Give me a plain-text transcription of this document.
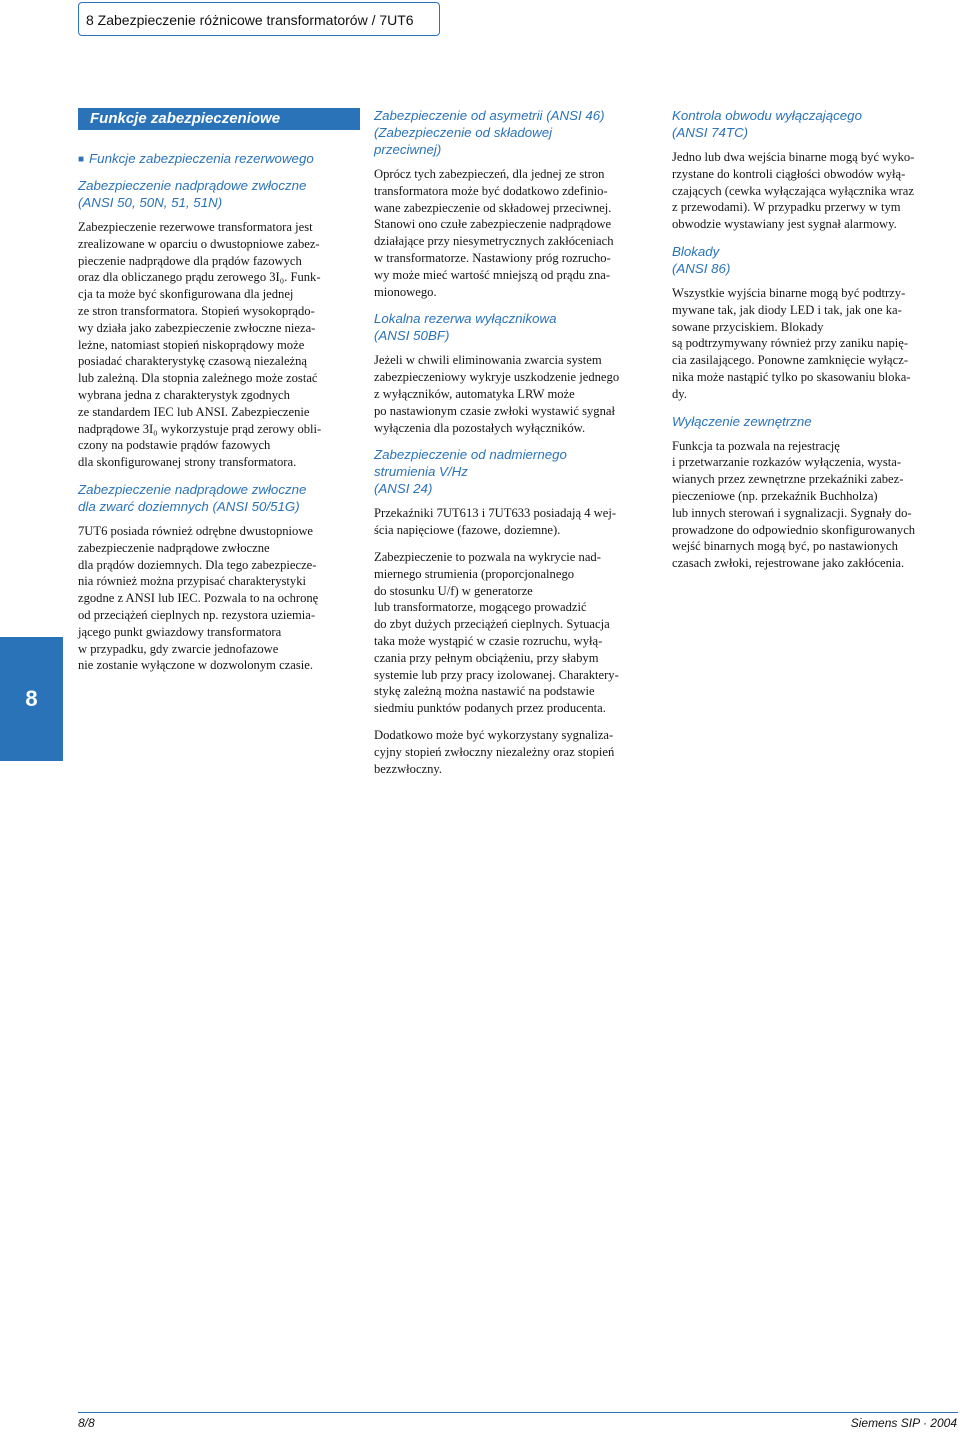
8 Zabezpieczenie różnicowe transformatorów / 7UT6
Funkcje zabezpieczeniowe
8
■ Funkcje zabezpieczenia rezerwowego
Zabezpieczenie nadprądowe zwłoczne
(ANSI 50, 50N, 51, 51N)
Zabezpieczenie rezerwowe transformatora jest
zrealizowane w oparciu o dwustopniowe zabez-
pieczenie nadprądowe dla prądów fazowych
oraz dla obliczanego prądu zerowego 3I₀. Funk-
cja ta może być skonfigurowana dla jednej
ze stron transformatora. Stopień wysokoprądo-
wy działa jako zabezpieczenie zwłoczne nieza-
leżne, natomiast stopień niskoprądowy może
posiadać charakterystykę czasową niezależną
lub zależną. Dla stopnia zależnego może zostać
wybrana jedna z charakterystyk zgodnych
ze standardem IEC lub ANSI. Zabezpieczenie
nadprądowe 3I₀ wykorzystuje prąd zerowy obli-
czony na podstawie prądów fazowych
dla skonfigurowanej strony transformatora.
Zabezpieczenie nadprądowe zwłoczne
dla zwarć doziemnych (ANSI 50/51G)
7UT6 posiada również odrębne dwustopniowe
zabezpieczenie nadprądowe zwłoczne
dla prądów doziemnych. Dla tego zabezpiecze-
nia również można przypisać charakterystyki
zgodne z ANSI lub IEC. Pozwala to na ochronę
od przeciążeń cieplnych np. rezystora uziemia-
jącego punkt gwiazdowy transformatora
w przypadku, gdy zwarcie jednofazowe
nie zostanie wyłączone w dozwolonym czasie.
Zabezpieczenie od asymetrii (ANSI 46)
(Zabezpieczenie od składowej
przeciwnej)
Oprócz tych zabezpieczeń, dla jednej ze stron
transformatora może być dodatkowo zdefinio-
wane zabezpieczenie od składowej przeciwnej.
Stanowi ono czułe zabezpieczenie nadprądowe
działające przy niesymetrycznych zakłóceniach
w transformatorze. Nastawiony próg rozrucho-
wy może mieć wartość mniejszą od prądu zna-
mionowego.
Lokalna rezerwa wyłącznikowa
(ANSI 50BF)
Jeżeli w chwili eliminowania zwarcia system
zabezpieczeniowy wykryje uszkodzenie jednego
z wyłączników, automatyka LRW może
po nastawionym czasie zwłoki wystawić sygnał
wyłączenia dla pozostałych wyłączników.
Zabezpieczenie od nadmiernego
strumienia V/Hz
(ANSI 24)
Przekaźniki 7UT613 i 7UT633 posiadają 4 wej-
ścia napięciowe (fazowe, doziemne).
Zabezpieczenie to pozwala na wykrycie nad-
miernego strumienia (proporcjonalnego
do stosunku U/f) w generatorze
lub transformatorze, mogącego prowadzić
do zbyt dużych przeciążeń cieplnych. Sytuacja
taka może wystąpić w czasie rozruchu, wyłą-
czania przy pełnym obciążeniu, przy słabym
systemie lub przy pracy izolowanej. Charaktery-
stykę zależną można nastawić na podstawie
siedmiu punktów podanych przez producenta.
Dodatkowo może być wykorzystany sygnaliza-
cyjny stopień zwłoczny niezależny oraz stopień
bezzwłoczny.
Kontrola obwodu wyłączającego
(ANSI 74TC)
Jedno lub dwa wejścia binarne mogą być wyko-
rzystane do kontroli ciągłości obwodów wyłą-
czających (cewka wyłączająca wyłącznika wraz
z przewodami). W przypadku przerwy w tym
obwodzie wystawiany jest sygnał alarmowy.
Blokady
(ANSI 86)
Wszystkie wyjścia binarne mogą być podtrzy-
mywane tak, jak diody LED i tak, jak one ka-
sowane przyciskiem. Blokady
są podtrzymywany również przy zaniku napię-
cia zasilającego. Ponowne zamknięcie wyłącz-
nika może nastąpić tylko po skasowaniu blokа-
dy.
Wyłączenie zewnętrzne
Funkcja ta pozwala na rejestrację
i przetwarzanie rozkazów wyłączenia, wysta-
wianych przez zewnętrzne przekaźniki zabez-
pieczeniowe (np. przekaźnik Buchholza)
lub innych sterowań i sygnalizacji. Sygnały do-
prowadzone do odpowiednio skonfigurowanych
wejść binarnych mogą być, po nastawionych
czasach zwłoki, rejestrowane jako zakłócenia.
8/8	Siemens SIP · 2004
